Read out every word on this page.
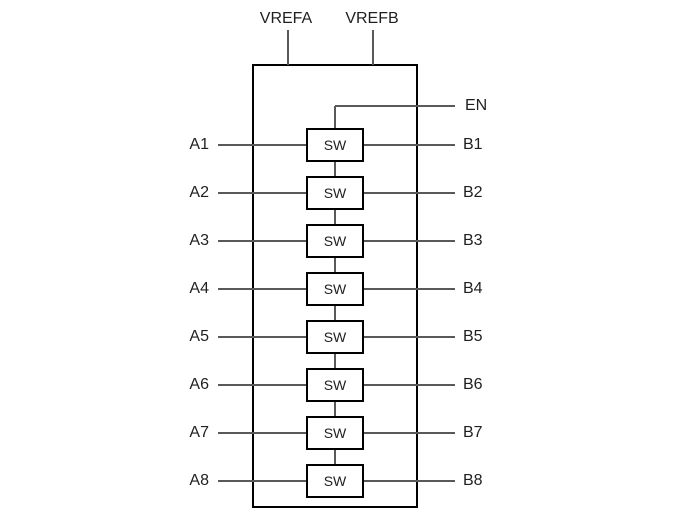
VREFA	VREFB
EN
A1	SW	B1
A2	SW	B2
A3	SW	B3
A4	SW	B4
A5	SW	B5
A6	SW	B6
A7	SW	B7
A8	SW	B8
